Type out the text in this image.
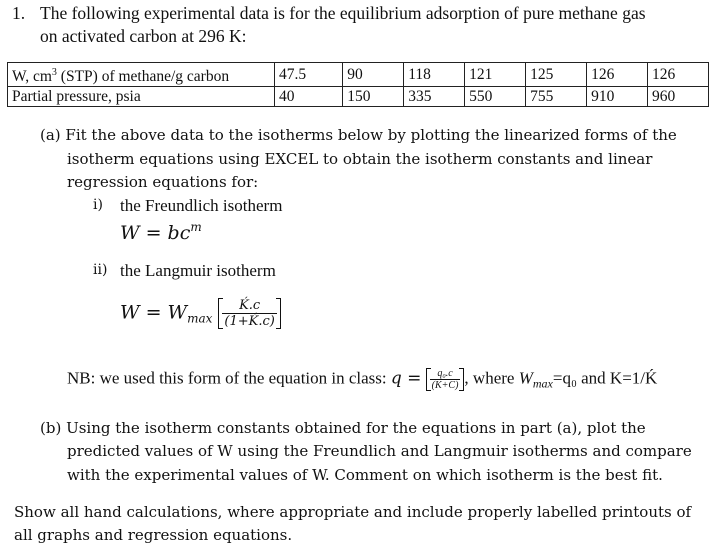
1. The following experimental data is for the equilibrium adsorption of pure methane gas
on activated carbon at 296 K:
W, $cm^3$ (STP) of methane/g carbon	47.5	90	118	121	125	126	126
Partial pressure, psia	40	150	335	550	755	910	960
(a) Fit the above data to the isotherms below by plotting the linearized forms of the
isotherm equations using EXCEL to obtain the isotherm constants and linear
regression equations for:
i) the Freundlich isotherm
$W = bc^m$
ii) the Langmuir isotherm
$W = W_{max} \frac{\text{Ḱ.c}}{\text{(1+Ḱ.c)}}$
NB: we used this form of the equation in class: $q = \frac{\text{q₀.c}}{(K+C)}$ , where $W_{max}=q_0$ and K=1/Ḱ
(b) Using the isotherm constants obtained for the equations in part (a), plot the
predicted values of W using the Freundlich and Langmuir isotherms and compare
with the experimental values of W. Comment on which isotherm is the best fit.
Show all hand calculations, where appropriate and include properly labelled printouts of
all graphs and regression equations.
